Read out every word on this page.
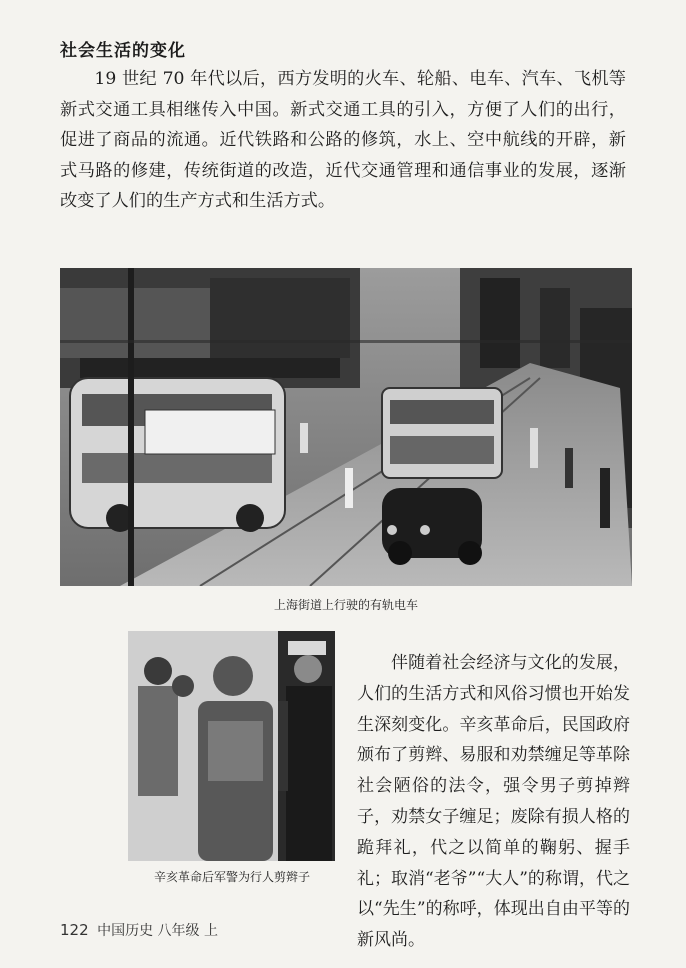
社会生活的变化

19 世纪 70 年代以后，西方发明的火车、轮船、电车、汽车、飞机等新式交通工具相继传入中国。新式交通工具的引入，方便了人们的出行，促进了商品的流通。近代铁路和公路的修筑，水上、空中航线的开辟，新式马路的修建，传统街道的改造，近代交通管理和通信事业的发展，逐渐改变了人们的生产方式和生活方式。

上海街道上行驶的有轨电车
辛亥革命后军警为行人剪辫子

伴随着社会经济与文化的发展，人们的生活方式和风俗习惯也开始发生深刻变化。辛亥革命后，民国政府颁布了剪辫、易服和劝禁缠足等革除社会陋俗的法令，强令男子剪掉辫子，劝禁女子缠足；废除有损人格的跪拜礼，代之以简单的鞠躬、握手礼；取消“老爷”“大人”的称谓，代之以“先生”的称呼，体现出自由平等的新风尚。

122 中国历史 八年级 上
